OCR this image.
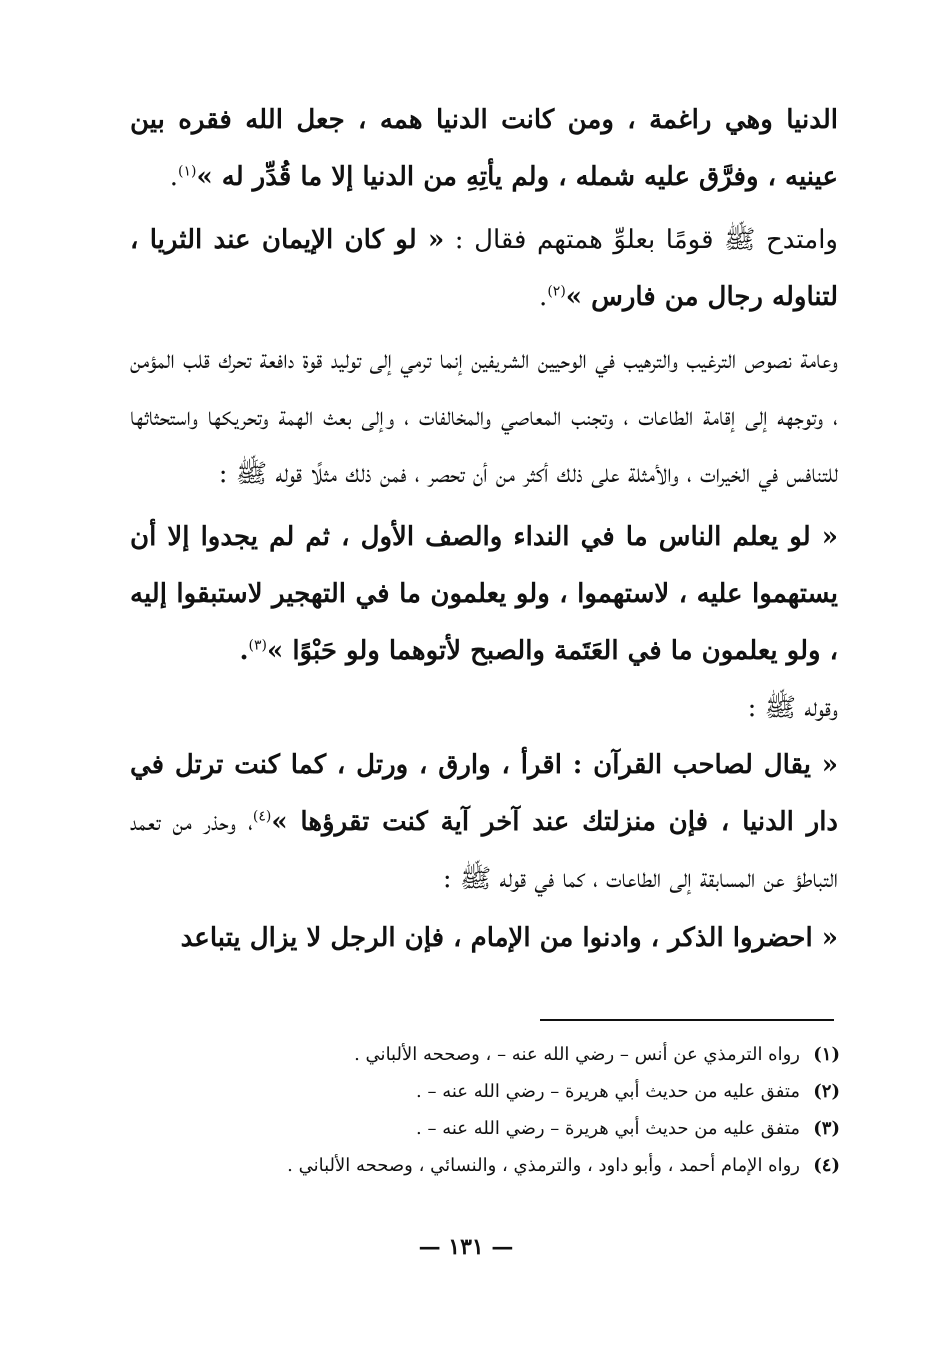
الدنيا وهي راغمة ، ومن كانت الدنيا همه ، جعل الله فقره بين عينيه ، وفرَّق عليه شمله ، ولم يأتِهِ من الدنيا إلا ما قُدِّر له »$^{(١)}$.

وامتدح ﷺ قومًا بعلوِّ همتهم فقال : « لو كان الإيمان عند الثريا ، لتناوله رجال من فارس »$^{(٢)}$.

وعامة نصوص الترغيب والترهيب في الوحيين الشريفين إنما ترمي إلى توليد قوة دافعة تحرك قلب المؤمن ، وتوجهه إلى إقامة الطاعات ، وتجنب المعاصي والمخالفات ، وإلى بعث الهمة وتحريكها واستحثاثها للتنافس في الخيرات ، والأمثلة على ذلك أكثر من أن تحصر ، فمن ذلك مثلًا قوله ﷺ :

« لو يعلم الناس ما في النداء والصف الأول ، ثم لم يجدوا إلا أن يستهموا عليه ، لاستهموا ، ولو يعلمون ما في التهجير لاستبقوا إليه ، ولو يعلمون ما في العَتَمة والصبح لأتوهما ولو حَبْوًا »$^{(٣)}$.

وقوله ﷺ :

« يقال لصاحب القرآن : اقرأ ، وارق ، ورتل ، كما كنت ترتل في دار الدنيا ، فإن منزلتك عند آخر آية كنت تقرؤها »$^{(٤)}$، وحذر من تعمد التباطؤ عن المسابقة إلى الطاعات ، كما في قوله ﷺ :

« احضروا الذكر ، وادنوا من الإمام ، فإن الرجل لا يزال يتباعد

(١)رواه الترمذي عن أنس – رضي الله عنه – ، وصححه الألباني .
(٢)متفق عليه من حديث أبي هريرة – رضي الله عنه – .
(٣)متفق عليه من حديث أبي هريرة – رضي الله عنه – .
(٤)رواه الإمام أحمد ، وأبو داود ، والترمذي ، والنسائي ، وصححه الألباني .
— ١٣١ —
